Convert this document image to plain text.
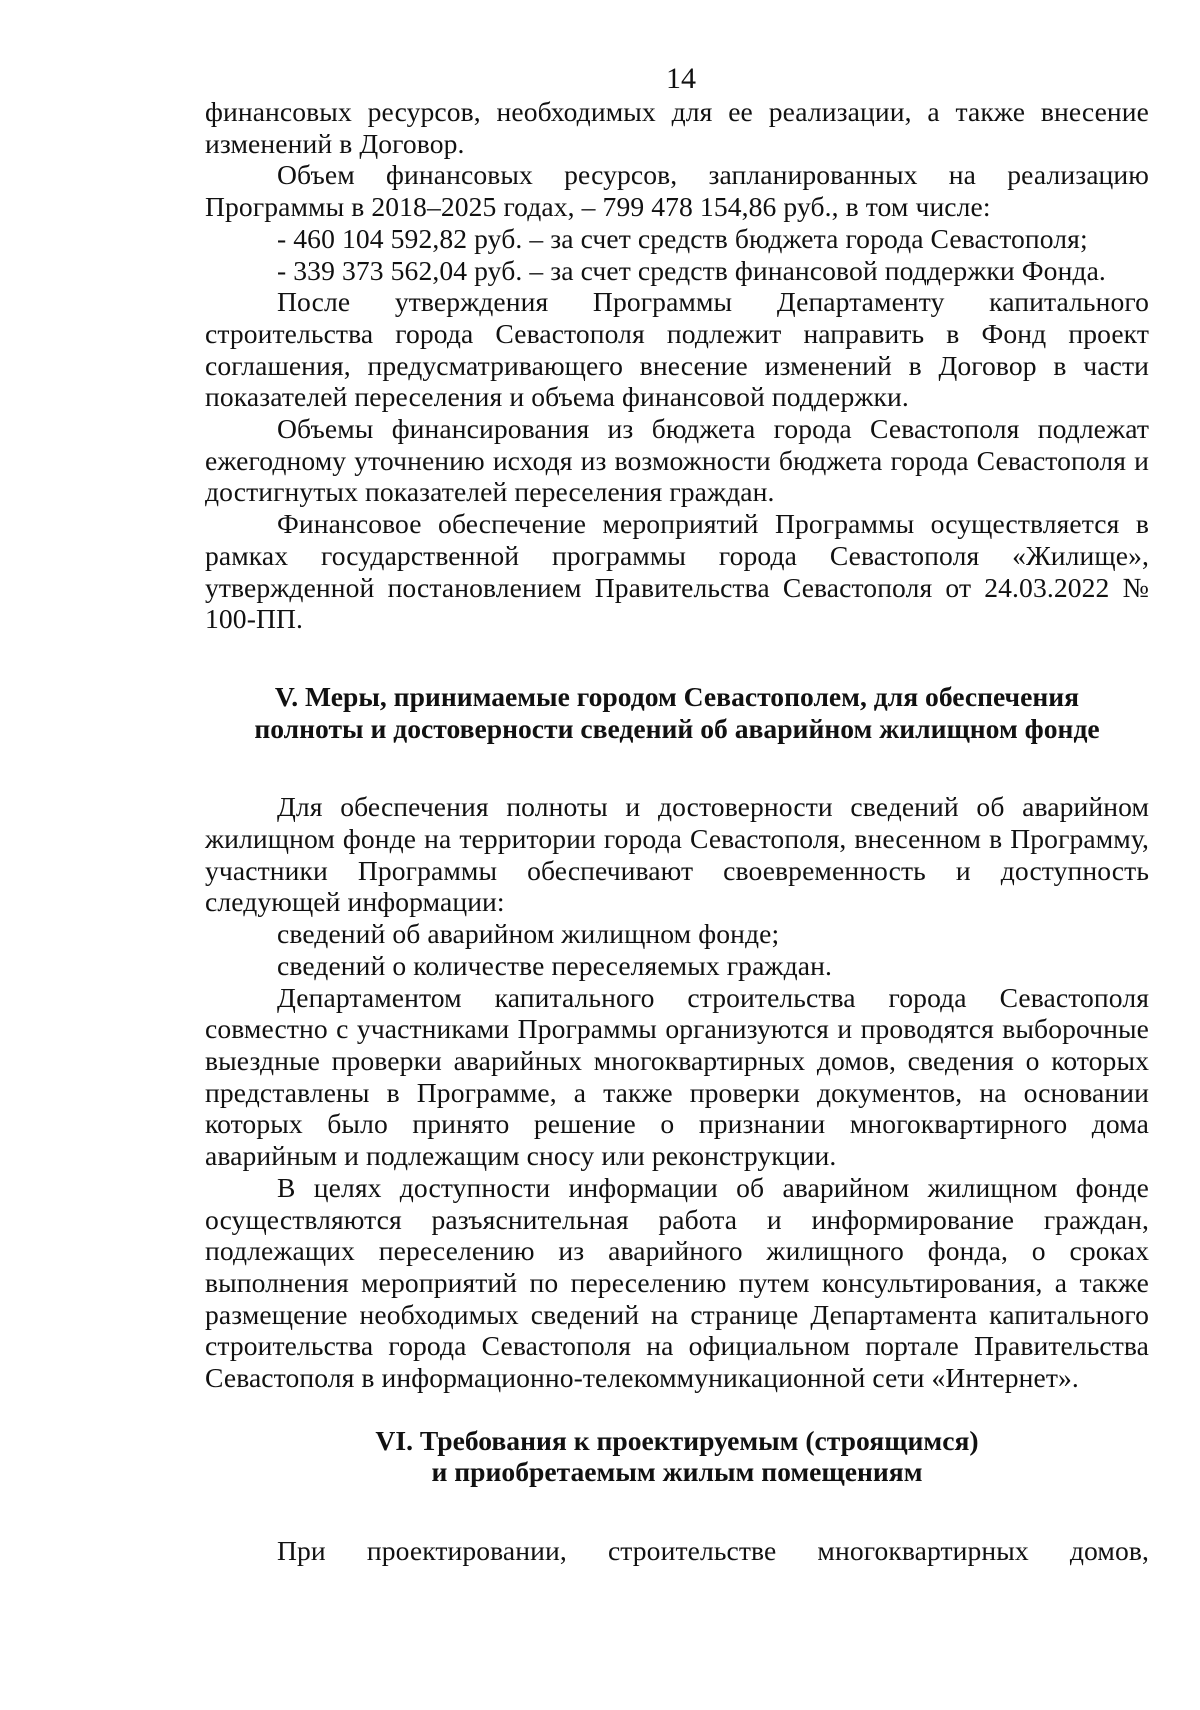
14

финансовых ресурсов, необходимых для ее реализации, а также внесение изменений в Договор.

Объем финансовых ресурсов, запланированных на реализацию Программы в 2018–2025 годах, – 799 478 154,86 руб., в том числе:

- 460 104 592,82 руб. – за счет средств бюджета города Севастополя;

- 339 373 562,04 руб. – за счет средств финансовой поддержки Фонда.

После утверждения Программы Департаменту капитального строительства города Севастополя подлежит направить в Фонд проект соглашения, предусматривающего внесение изменений в Договор в части показателей переселения и объема финансовой поддержки.

Объемы финансирования из бюджета города Севастополя подлежат ежегодному уточнению исходя из возможности бюджета города Севастополя и достигнутых показателей переселения граждан.

Финансовое обеспечение мероприятий Программы осуществляется в рамках государственной программы города Севастополя «Жилище», утвержденной постановлением Правительства Севастополя от 24.03.2022 № 100-ПП.

V. Меры, принимаемые городом Севастополем, для обеспечения
полноты и достоверности сведений об аварийном жилищном фонде

Для обеспечения полноты и достоверности сведений об аварийном жилищном фонде на территории города Севастополя, внесенном в Программу, участники Программы обеспечивают своевременность и доступность следующей информации:

сведений об аварийном жилищном фонде;

сведений о количестве переселяемых граждан.

Департаментом капитального строительства города Севастополя совместно с участниками Программы организуются и проводятся выборочные выездные проверки аварийных многоквартирных домов, сведения о которых представлены в Программе, а также проверки документов, на основании которых было принято решение о признании многоквартирного дома аварийным и подлежащим сносу или реконструкции.

В целях доступности информации об аварийном жилищном фонде осуществляются разъяснительная работа и информирование граждан, подлежащих переселению из аварийного жилищного фонда, о сроках выполнения мероприятий по переселению путем консультирования, а также размещение необходимых сведений на странице Департамента капитального строительства города Севастополя на официальном портале Правительства Севастополя в информационно-телекоммуникационной сети «Интернет».

VI. Требования к проектируемым (строящимся)
и приобретаемым жилым помещениям

При проектировании, строительстве многоквартирных домов,
